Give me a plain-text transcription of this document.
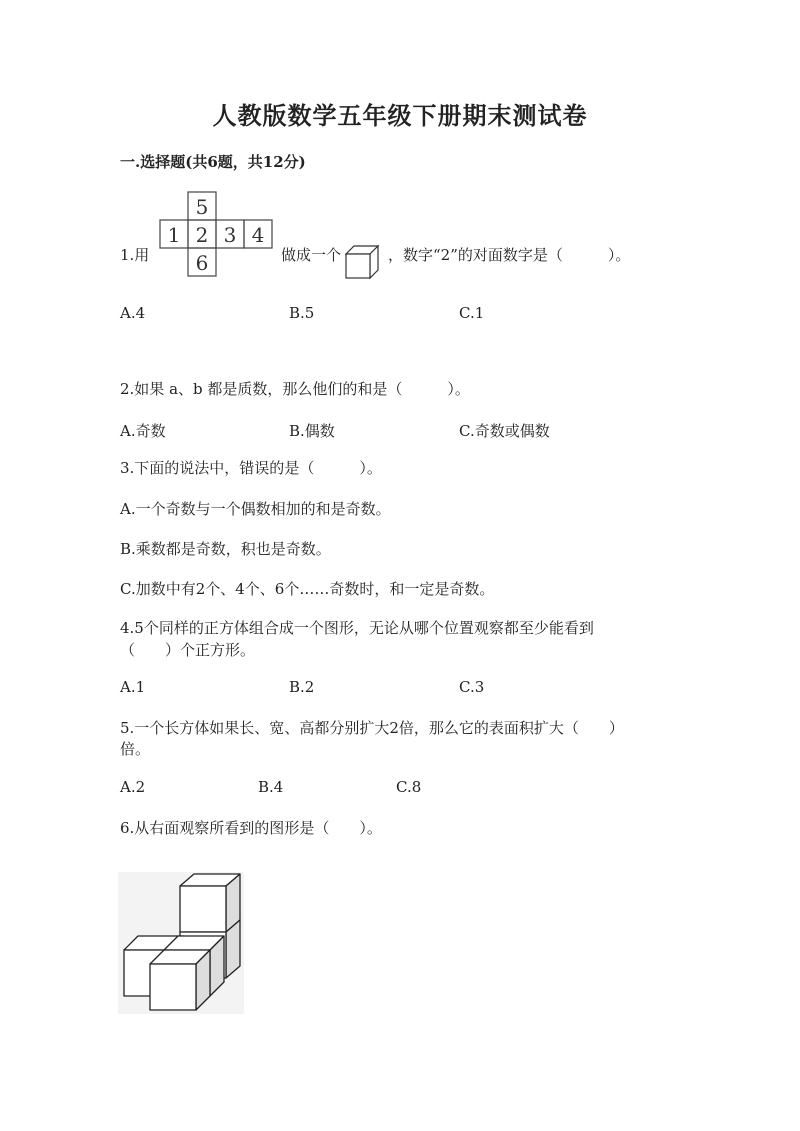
人教版数学五年级下册期末测试卷
一.选择题(共6题，共12分)
1.用
5
1 2 3 4
6	做成一个	，数字“2”的对面数字是（　　　）。
A.4	B.5	C.1
2.如果 a、b 都是质数，那么他们的和是（　　　）。
A.奇数	B.偶数	C.奇数或偶数
3.下面的说法中，错误的是（　　　）。
A.一个奇数与一个偶数相加的和是奇数。
B.乘数都是奇数，积也是奇数。
C.加数中有2个、4个、6个……奇数时，和一定是奇数。
4.5个同样的正方体组合成一个图形，无论从哪个位置观察都至少能看到
（　　）个正方形。
A.1	B.2	C.3
5.一个长方体如果长、宽、高都分别扩大2倍，那么它的表面积扩大（　　）
倍。
A.2	B.4	C.8
6.从右面观察所看到的图形是（　　）。
